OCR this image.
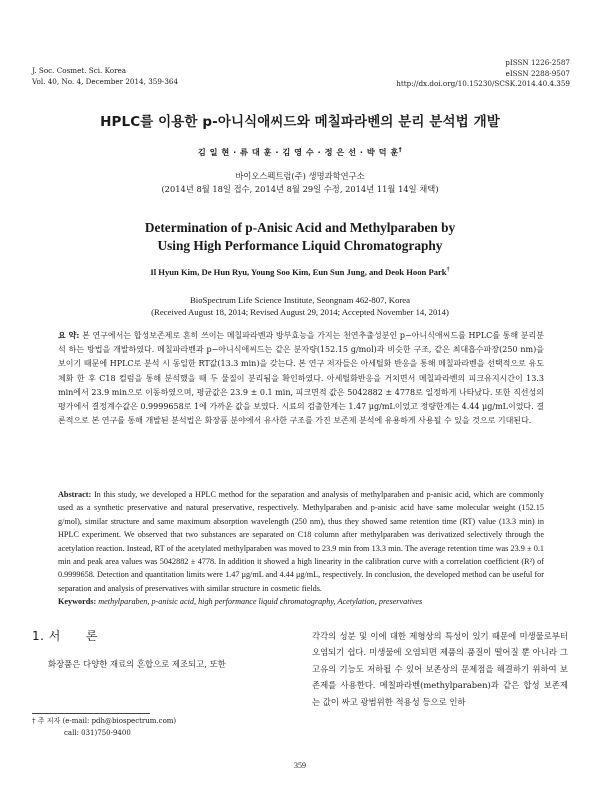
J. Soc. Cosmet. Sci. Korea
Vol. 40, No. 4, December 2014, 359-364
pISSN 1226-2587
eISSN 2288-9507
http://dx.doi.org/10.15230/SCSK.2014.40.4.359
HPLC를 이용한 p-아니식애씨드와 메칠파라벤의 분리 분석법 개발
김 일 현 · 류 대 훈 · 김 영 수 · 정 은 선 · 박 덕 훈†
바이오스펙트럼(주) 생명과학연구소
(2014년 8월 18일 접수, 2014년 8월 29일 수정, 2014년 11월 14일 채택)
Determination of p-Anisic Acid and Methylparaben by
Using High Performance Liquid Chromatography
Il Hyun Kim, De Hun Ryu, Young Soo Kim, Eun Sun Jung, and Deok Hoon Park†
BioSpectrum Life Science Institute, Seongnam 462-807, Korea
(Received August 18, 2014; Revised August 29, 2014; Accepted November 14, 2014)
요 약: 본 연구에서는 합성보존제로 흔히 쓰이는 메칠파라벤과 방부효능을 가지는 천연추출성분인 p−아니식애씨드를 HPLC를 통해 분리분석 하는 방법을 개발하였다. 메칠파라벤과 p−아니식애씨드는 같은 분자량(152.15 g/mol)과 비슷한 구조, 같은 최대흡수파장(250 nm)을 보이기 때문에 HPLC로 분석 시 동일한 RT값(13.3 min)을 갖는다. 본 연구 저자들은 아세틸화 반응을 통해 메칠파라벤을 선택적으로 유도체화 한 후 C18 컬럼을 통해 분석했을 때 두 물질이 분리됨을 확인하였다. 아세틸화반응을 거치면서 메칠파라벤의 피크유지시간이 13.3 min에서 23.9 min으로 이동하였으며, 평균값은 23.9 ± 0.1 min, 피크면적 값은 5042882 ± 4778로 일정하게 나타났다. 또한 직선성의 평가에서 결정계수값은 0.9999658로 1에 가까운 값을 보였다. 시료의 검출한계는 1.47 μg/mL이었고 정량한계는 4.44 μg/mL이었다. 결론적으로 본 연구를 통해 개발된 분석법은 화장품 분야에서 유사한 구조를 가진 보존제 분석에 유용하게 사용될 수 있을 것으로 기대된다.
Abstract: In this study, we developed a HPLC method for the separation and analysis of methylparaben and p-anisic acid, which are commonly used as a synthetic preservative and natural preservative, respectively. Methylparaben and p-anisic acid have same molecular weight (152.15 g/mol), similar structure and same maximum absorption wavelength (250 nm), thus they showed same retention time (RT) value (13.3 min) in HPLC experiment. We observed that two substances are separated on C18 column after methylparaben was derivatized selectively through the acetylation reaction. Instead, RT of the acetylated methylparaben was moved to 23.9 min from 13.3 min. The average retention time was 23.9 ± 0.1 min and peak area values was 5042882 ± 4778. In addition it showed a high linearity in the calibration curve with a correlation coefficient (R²) of 0.9999658. Detection and quantitation limits were 1.47 μg/mL and 4.44 μg/mL, respectively. In conclusion, the developed method can be useful for separation and analysis of preservatives with similar structure in cosmetic fields.
Keywords: methylparaben, p-anisic acid, high performance liquid chromatography, Acetylation, preservatives
1. 서　　론
화장품은 다양한 재료의 혼합으로 제조되고, 또한
† 주 저자 (e-mail: pdh@biospectrum.com)
call: 031)750-9400
각각의 성분 및 이에 대한 제형상의 특성이 있기 때문에 미생물로부터 오염되기 쉽다. 미생물에 오염되면 제품의 품질이 떨어질 뿐 아니라 그 고유의 기능도 저하될 수 있어 보존상의 문제점을 해결하기 위하여 보존제를 사용한다. 메칠파라벤(methylparaben)과 같은 합성 보존제는 값이 싸고 광범위한 적용성 등으로 인하
359
